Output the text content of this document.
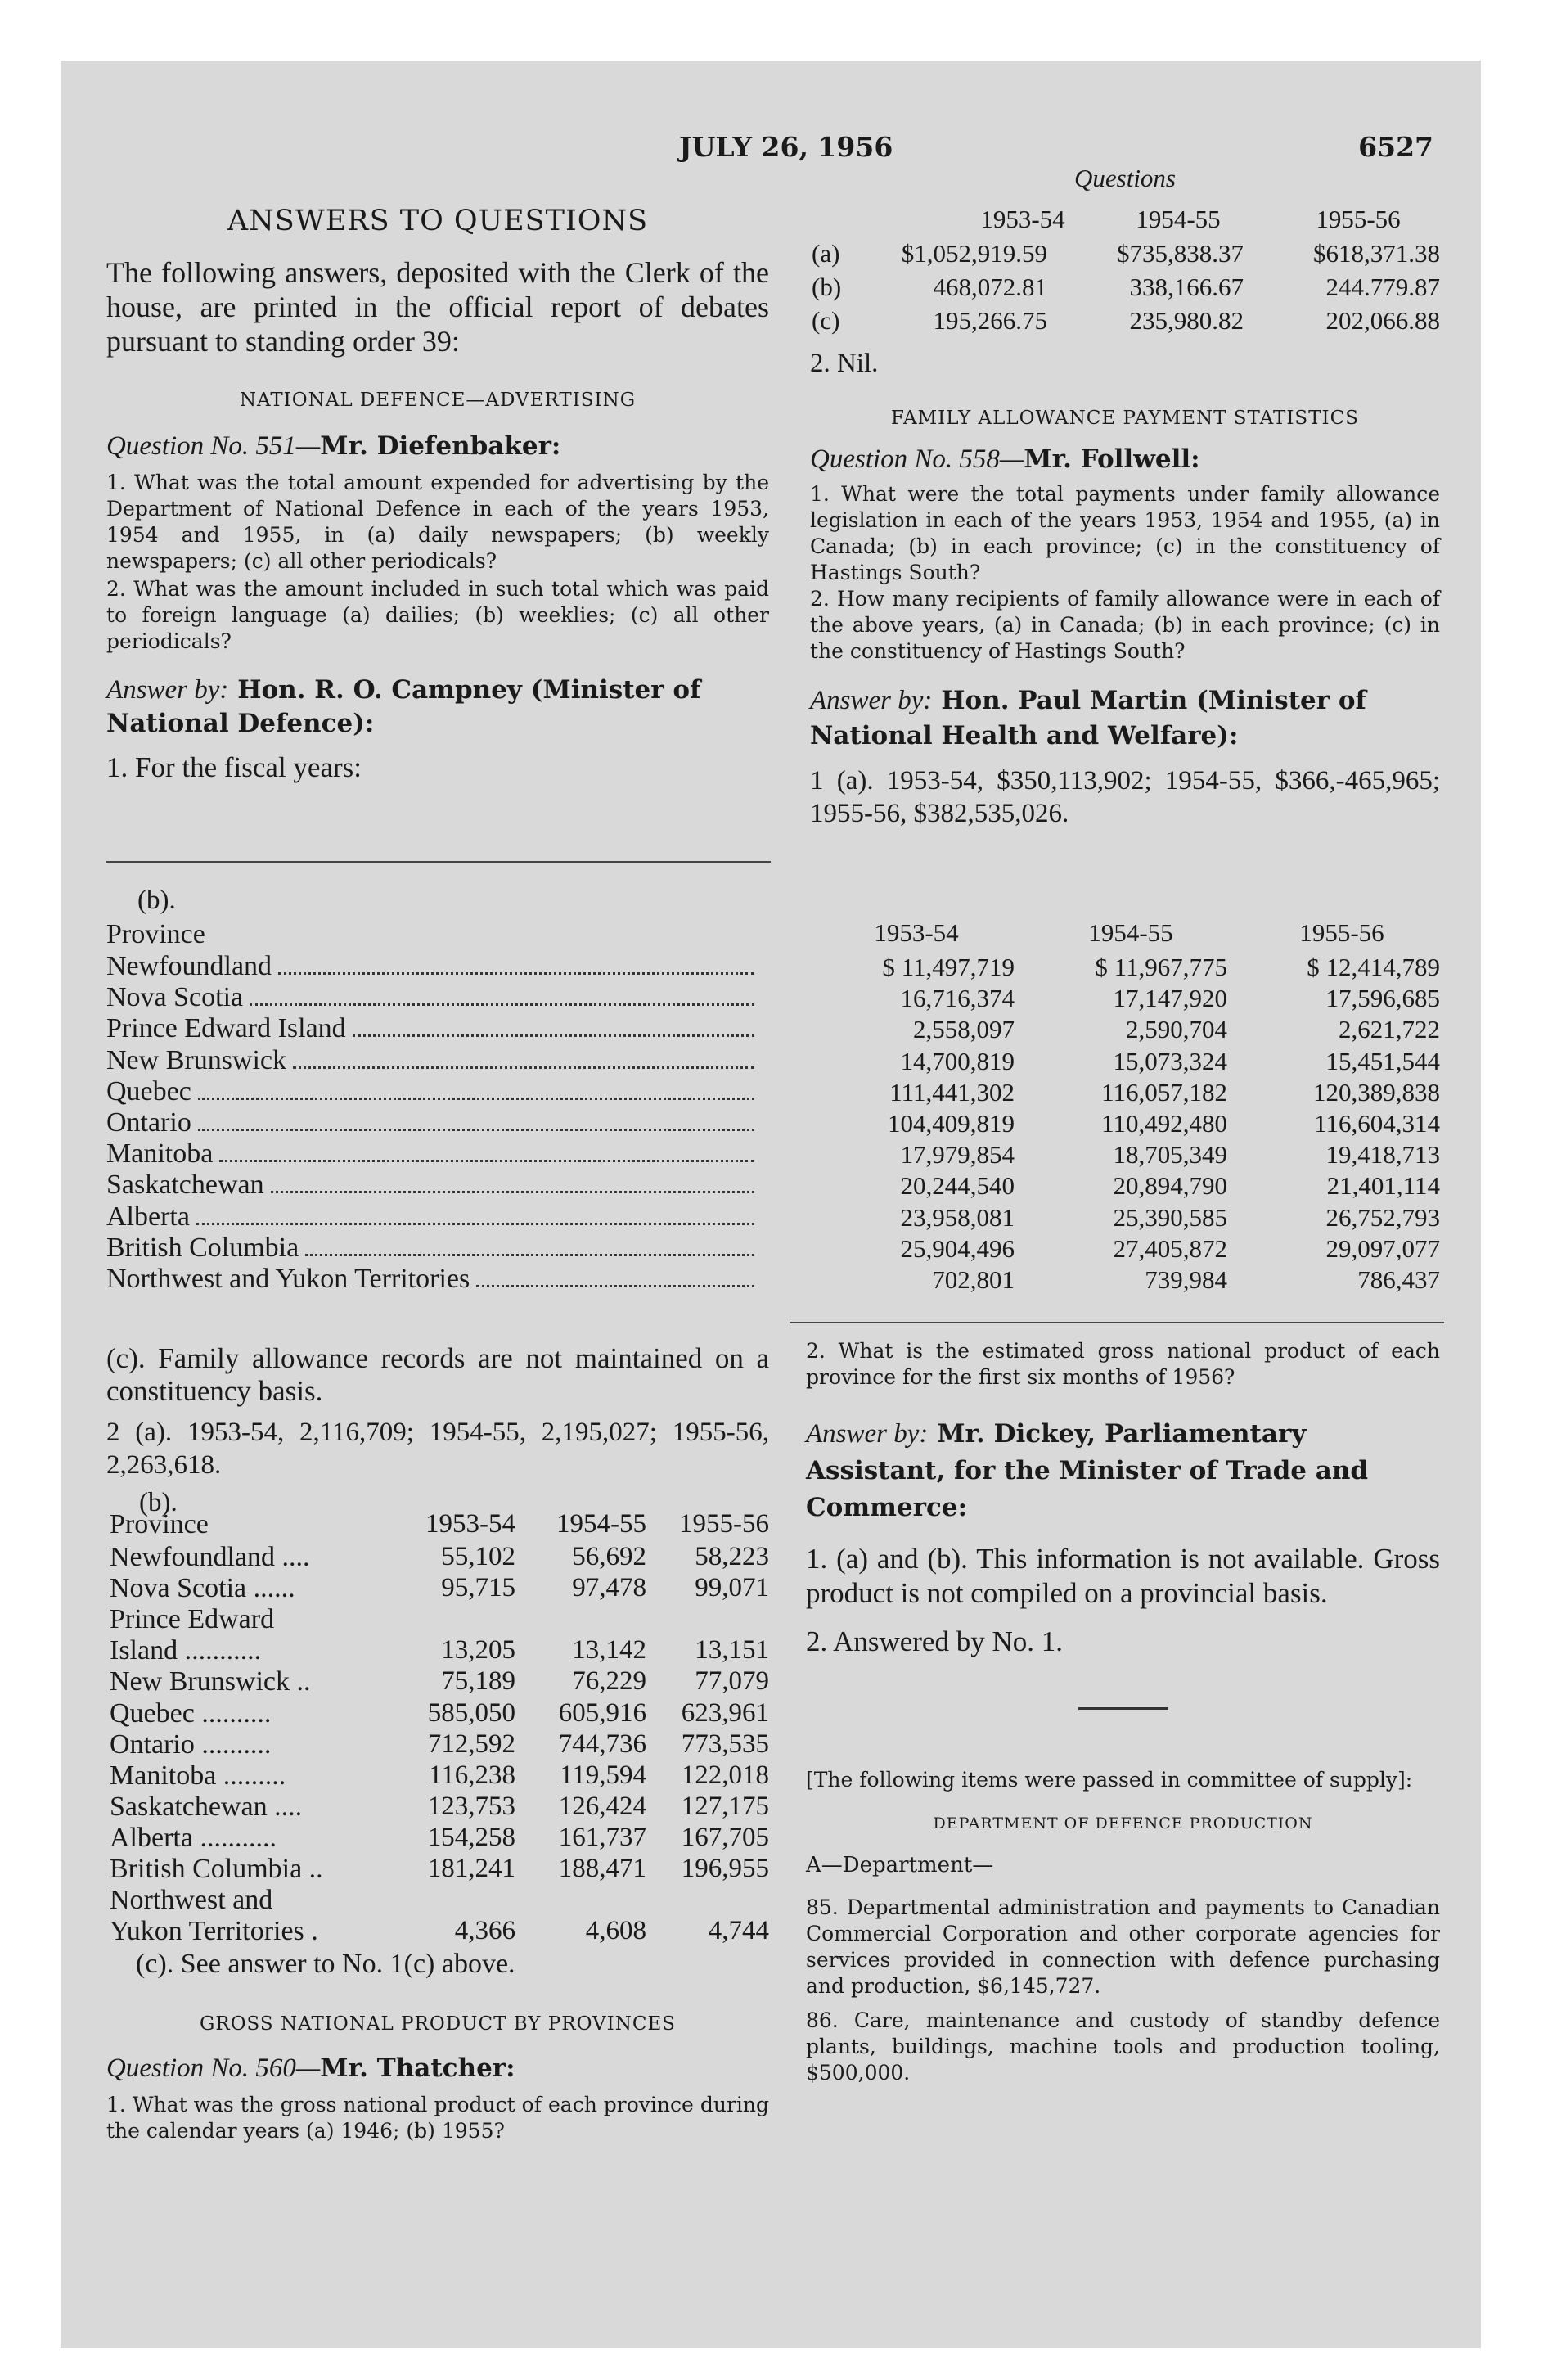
JULY 26, 1956	6527
ANSWERS TO QUESTIONS
The following answers, deposited with the Clerk of the house, are printed in the official report of debates pursuant to standing order 39:
NATIONAL DEFENCE—ADVERTISING
Question No. 551—Mr. Diefenbaker:
1. What was the total amount expended for advertising by the Department of National Defence in each of the years 1953, 1954 and 1955, in (a) daily newspapers; (b) weekly newspapers; (c) all other periodicals?
2. What was the amount included in such total which was paid to foreign language (a) dailies; (b) weeklies; (c) all other periodicals?
Answer by: Hon. R. O. Campney (Minister of National Defence):
1. For the fiscal years:
Questions
1953-54	1954-55	1955-56
(a)	$1,052,919.59	$735,838.37	$618,371.38
(b)	468,072.81	338,166.67	244.779.87
(c)	195,266.75	235,980.82	202,066.88
2. Nil.
FAMILY ALLOWANCE PAYMENT STATISTICS
Question No. 558—Mr. Follwell:
1. What were the total payments under family allowance legislation in each of the years 1953, 1954 and 1955, (a) in Canada; (b) in each province; (c) in the constituency of Hastings South?
2. How many recipients of family allowance were in each of the above years, (a) in Canada; (b) in each province; (c) in the constituency of Hastings South?
Answer by: Hon. Paul Martin (Minister of National Health and Welfare):
1 (a). 1953-54, $350,113,902; 1954-55, $366,-465,965; 1955-56, $382,535,026.
(b).
Province	1953-54	1954-55	1955-56
Newfoundland	$ 11,497,719	$ 11,967,775	$ 12,414,789
Nova Scotia	16,716,374	17,147,920	17,596,685
Prince Edward Island	2,558,097	2,590,704	2,621,722
New Brunswick	14,700,819	15,073,324	15,451,544
Quebec	111,441,302	116,057,182	120,389,838
Ontario	104,409,819	110,492,480	116,604,314
Manitoba	17,979,854	18,705,349	19,418,713
Saskatchewan	20,244,540	20,894,790	21,401,114
Alberta	23,958,081	25,390,585	26,752,793
British Columbia	25,904,496	27,405,872	29,097,077
Northwest and Yukon Territories	702,801	739,984	786,437
(c). Family allowance records are not maintained on a constituency basis.
2 (a). 1953-54, 2,116,709; 1954-55, 2,195,027; 1955-56, 2,263,618.
(b).
Province	1953-54	1954-55	1955-56
Newfoundland ....	55,102	56,692	58,223
Nova Scotia ......	95,715	97,478	99,071
Prince Edward
Island ...........	13,205	13,142	13,151
New Brunswick ..	75,189	76,229	77,079
Quebec ..........	585,050	605,916	623,961
Ontario ..........	712,592	744,736	773,535
Manitoba .........	116,238	119,594	122,018
Saskatchewan ....	123,753	126,424	127,175
Alberta ...........	154,258	161,737	167,705
British Columbia ..	181,241	188,471	196,955
Northwest and
Yukon Territories .	4,366	4,608	4,744
(c). See answer to No. 1(c) above.
GROSS NATIONAL PRODUCT BY PROVINCES
Question No. 560—Mr. Thatcher:
1. What was the gross national product of each province during the calendar years (a) 1946; (b) 1955?
2. What is the estimated gross national product of each province for the first six months of 1956?
Answer by: Mr. Dickey, Parliamentary Assistant, for the Minister of Trade and Commerce:
1. (a) and (b). This information is not available. Gross product is not compiled on a provincial basis.
2. Answered by No. 1.
[The following items were passed in committee of supply]:
DEPARTMENT OF DEFENCE PRODUCTION
A—Department—
85. Departmental administration and payments to Canadian Commercial Corporation and other corporate agencies for services provided in connection with defence purchasing and production, $6,145,727.
86. Care, maintenance and custody of standby defence plants, buildings, machine tools and production tooling, $500,000.
